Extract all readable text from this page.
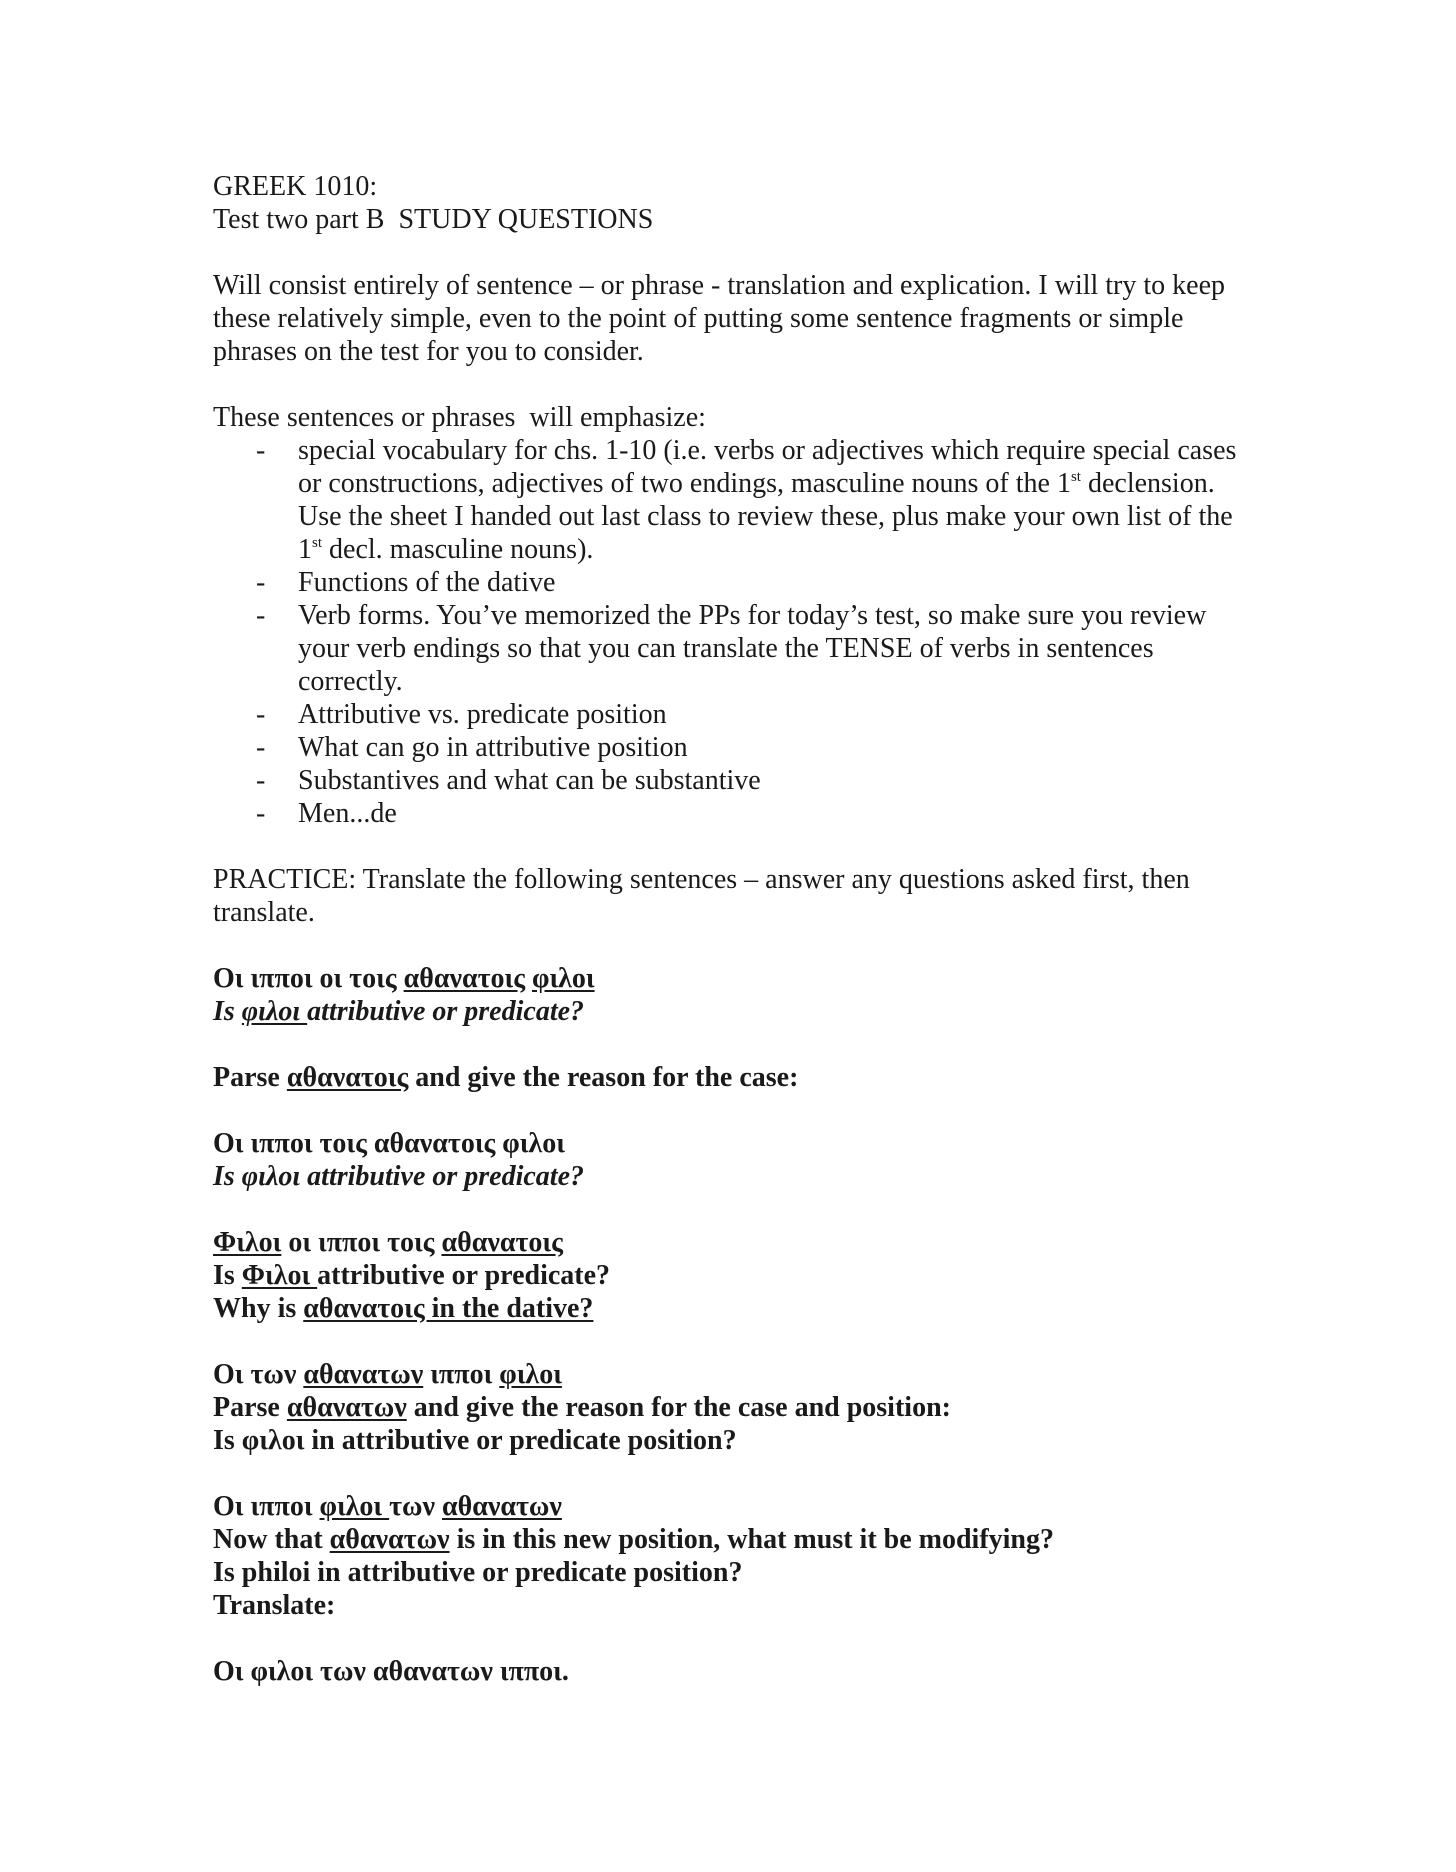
GREEK 1010:
Test two part B  STUDY QUESTIONS

Will consist entirely of sentence – or phrase - translation and explication. I will try to keep these relatively simple, even to the point of putting some sentence fragments or simple phrases on the test for you to consider.

These sentences or phrases  will emphasize:
- special vocabulary for chs. 1-10 (i.e. verbs or adjectives which require special cases or constructions, adjectives of two endings, masculine nouns of the 1st declension. Use the sheet I handed out last class to review these, plus make your own list of the 1st decl. masculine nouns).
- Functions of the dative
- Verb forms. You’ve memorized the PPs for today’s test, so make sure you review your verb endings so that you can translate the TENSE of verbs in sentences correctly.
- Attributive vs. predicate position
- What can go in attributive position
- Substantives and what can be substantive
- Men...de

PRACTICE: Translate the following sentences – answer any questions asked first, then translate.

Οι ιπποι οι τοις αθανατοις φιλοι
Is φιλοι attributive or predicate?
Parse αθανατοις and give the reason for the case:
Οι ιπποι τοις αθανατοις φιλοι
Is φιλοι attributive or predicate?
Φιλοι οι ιπποι τοις αθανατοις
Is Φιλοι attributive or predicate?
Why is αθανατοις in the dative?
Οι των αθανατων ιπποι φιλοι
Parse αθανατων and give the reason for the case and position:
Is φιλοι in attributive or predicate position?
Οι ιπποι φιλοι των αθανατων
Now that αθανατων is in this new position, what must it be modifying?
Is philoi in attributive or predicate position?
Translate:
Οι φιλοι των αθανατων ιπποι.
